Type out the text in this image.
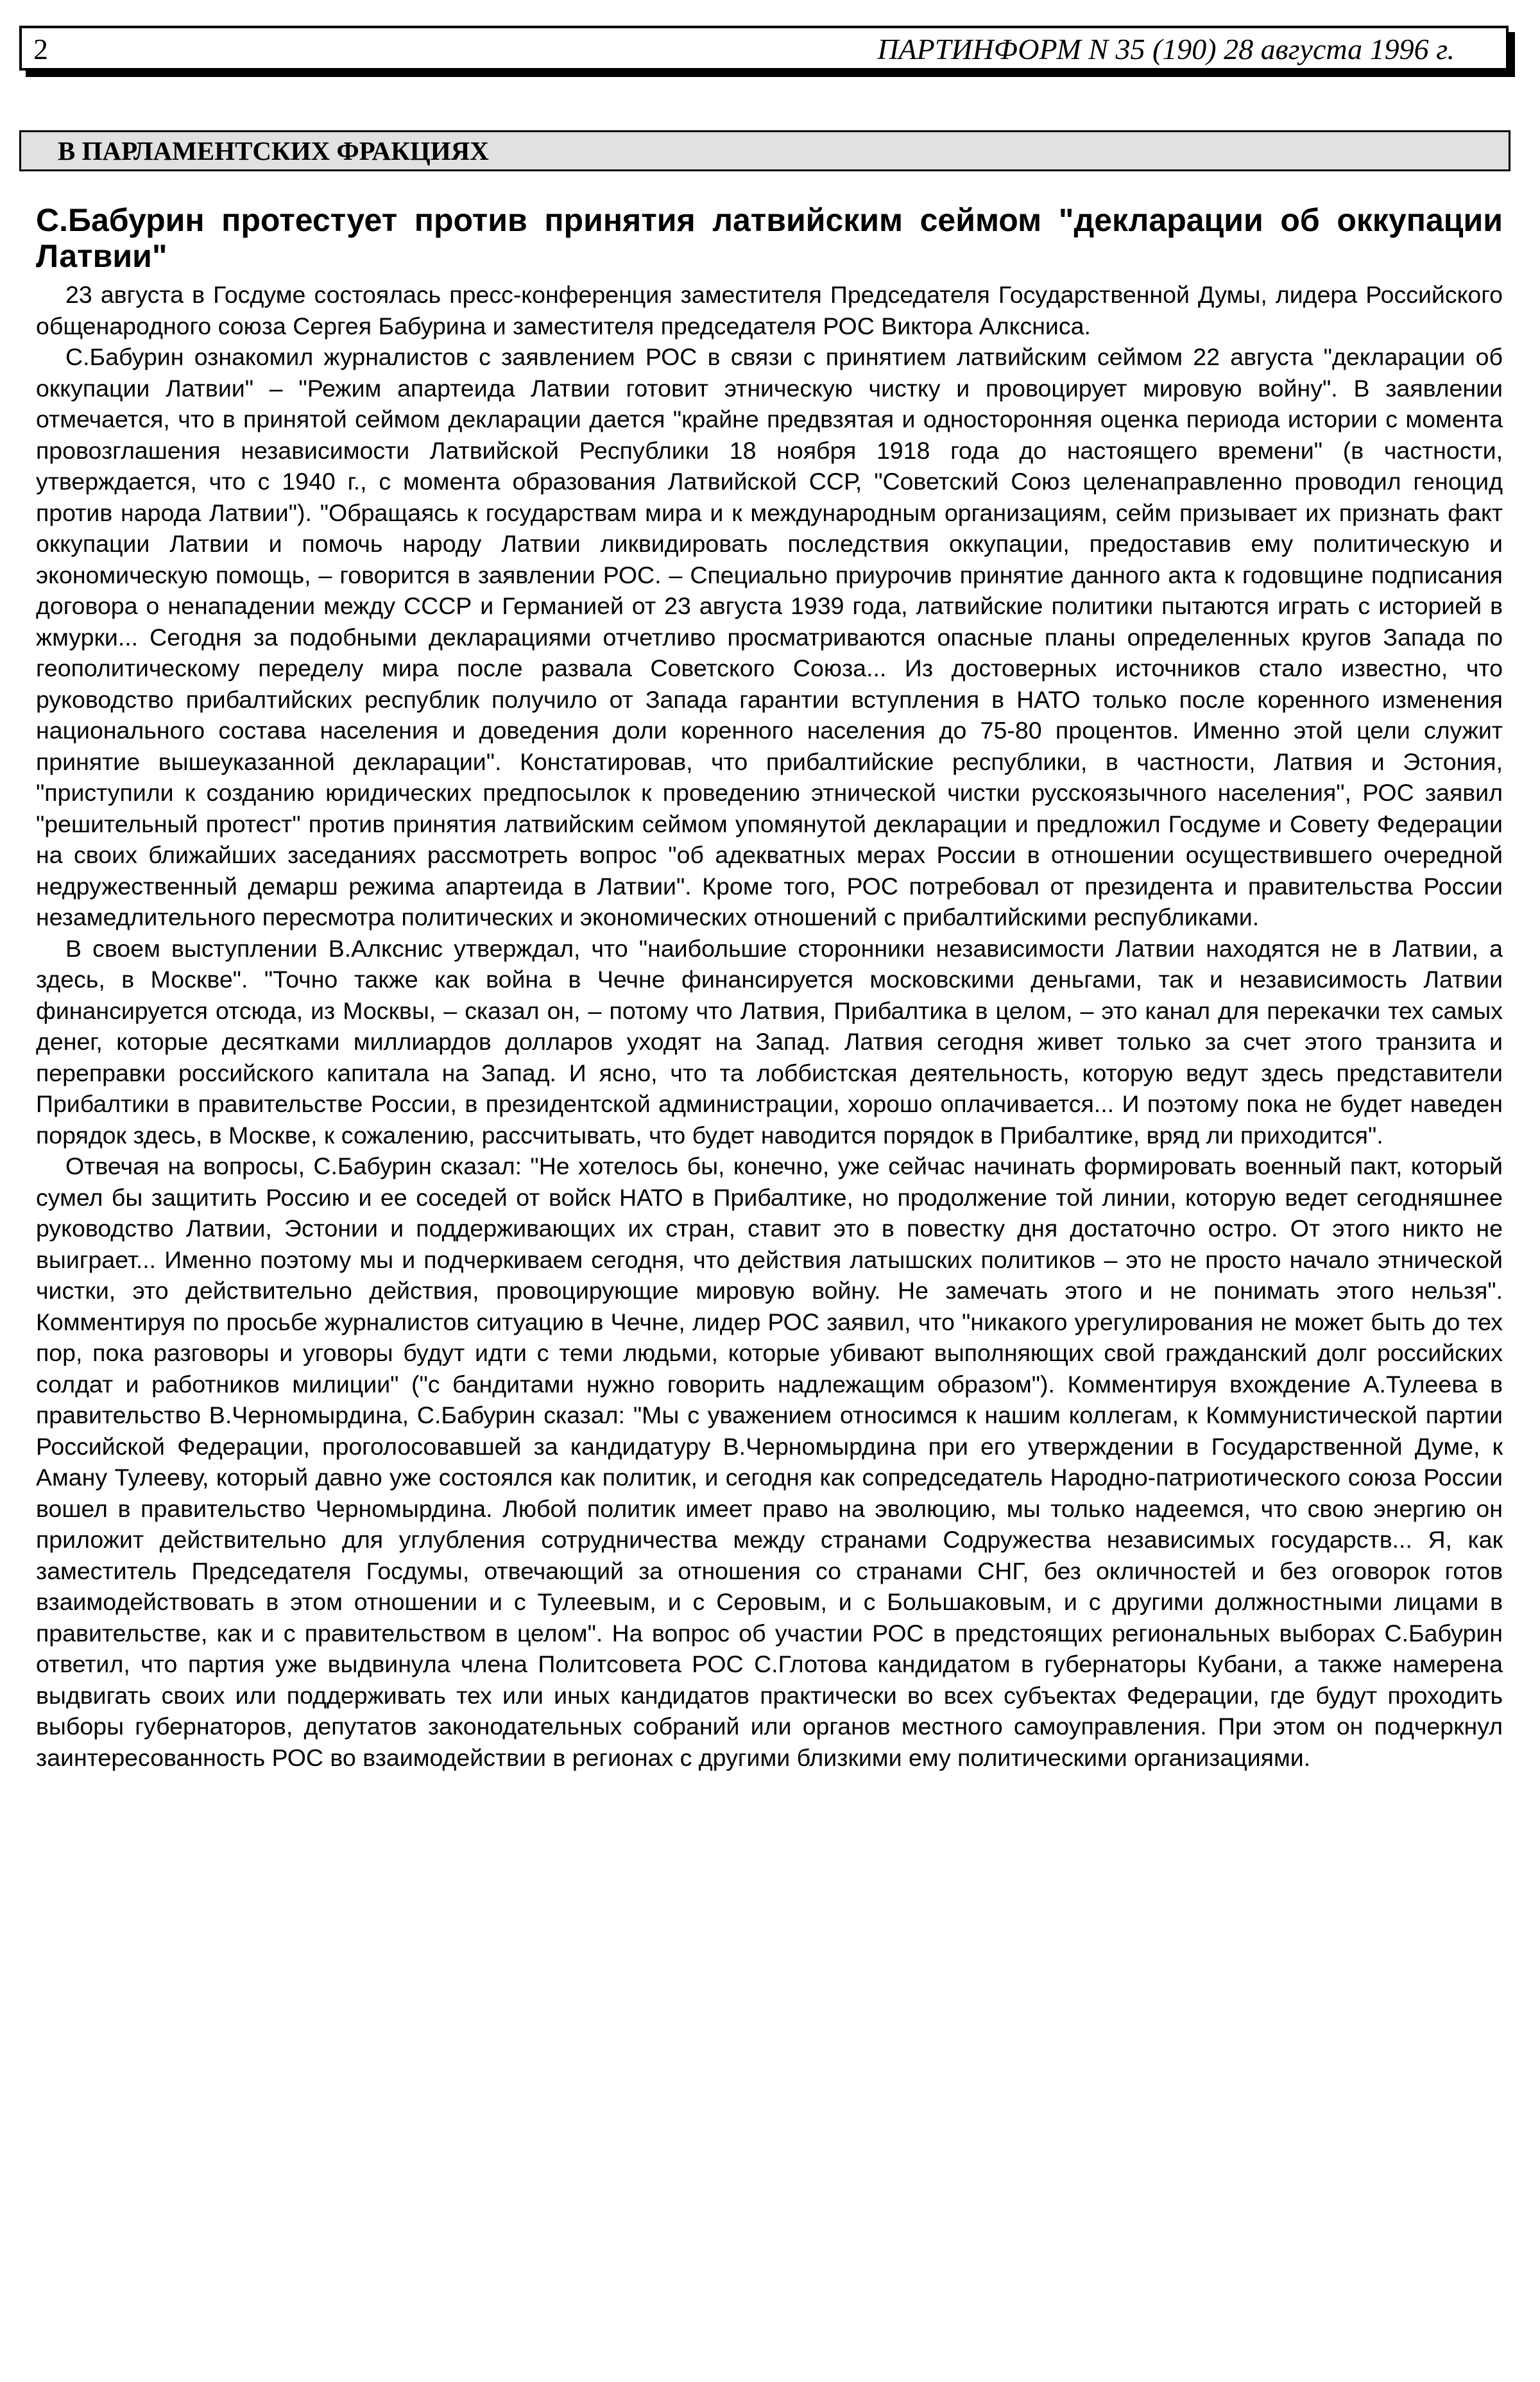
2	ПАРТИНФОРМ N 35 (190) 28 августа 1996 г.
В ПАРЛАМЕНТСКИХ ФРАКЦИЯХ
С.Бабурин протестует против принятия латвийским сеймом "декларации об оккупации Латвии"

23 августа в Госдуме состоялась пресс-конференция заместителя Председателя Государственной Думы, лидера Российского общенародного союза Сергея Бабурина и заместителя председателя РОС Виктора Алксниса.

С.Бабурин ознакомил журналистов с заявлением РОС в связи с принятием латвийским сеймом 22 августа "декларации об оккупации Латвии" – "Режим апартеида Латвии готовит этническую чистку и провоцирует мировую войну". В заявлении отмечается, что в принятой сеймом декларации дается "крайне предвзятая и односторонняя оценка периода истории с момента провозглашения независимости Латвийской Республики 18 ноября 1918 года до настоящего времени" (в частности, утверждается, что с 1940 г., с момента образования Латвийской ССР, "Советский Союз целенаправленно проводил геноцид против народа Латвии"). "Обращаясь к государствам мира и к международным организациям, сейм призывает их признать факт оккупации Латвии и помочь народу Латвии ликвидировать последствия оккупации, предоставив ему политическую и экономическую помощь, – говорится в заявлении РОС. – Специально приурочив принятие данного акта к годовщине подписания договора о ненападении между СССР и Германией от 23 августа 1939 года, латвийские политики пытаются играть с историей в жмурки... Сегодня за подобными декларациями отчетливо просматриваются опасные планы определенных кругов Запада по геополитическому переделу мира после развала Советского Союза... Из достоверных источников стало известно, что руководство прибалтийских республик получило от Запада гарантии вступления в НАТО только после коренного изменения национального состава населения и доведения доли коренного населения до 75-80 процентов. Именно этой цели служит принятие вышеуказанной декларации". Констатировав, что прибалтийские республики, в частности, Латвия и Эстония, "приступили к созданию юридических предпосылок к проведению этнической чистки русскоязычного населения", РОС заявил "решительный протест" против принятия латвийским сеймом упомянутой декларации и предложил Госдуме и Совету Федерации на своих ближайших заседаниях рассмотреть вопрос "об адекватных мерах России в отношении осуществившего очередной недружественный демарш режима апартеида в Латвии". Кроме того, РОС потребовал от президента и правительства России незамедлительного пересмотра политических и экономических отношений с прибалтийскими республиками.

В своем выступлении В.Алкснис утверждал, что "наибольшие сторонники независимости Латвии находятся не в Латвии, а здесь, в Москве". "Точно также как война в Чечне финансируется московскими деньгами, так и независимость Латвии финансируется отсюда, из Москвы, – сказал он, – потому что Латвия, Прибалтика в целом, – это канал для перекачки тех самых денег, которые десятками миллиардов долларов уходят на Запад. Латвия сегодня живет только за счет этого транзита и переправки российского капитала на Запад. И ясно, что та лоббистская деятельность, которую ведут здесь представители Прибалтики в правительстве России, в президентской администрации, хорошо оплачивается... И поэтому пока не будет наведен порядок здесь, в Москве, к сожалению, рассчитывать, что будет наводится порядок в Прибалтике, вряд ли приходится".

Отвечая на вопросы, С.Бабурин сказал: "Не хотелось бы, конечно, уже сейчас начинать формировать военный пакт, который сумел бы защитить Россию и ее соседей от войск НАТО в Прибалтике, но продолжение той линии, которую ведет сегодняшнее руководство Латвии, Эстонии и поддерживающих их стран, ставит это в повестку дня достаточно остро. От этого никто не выиграет... Именно поэтому мы и подчеркиваем сегодня, что действия латышских политиков – это не просто начало этнической чистки, это действительно действия, провоцирующие мировую войну. Не замечать этого и не понимать этого нельзя". Комментируя по просьбе журналистов ситуацию в Чечне, лидер РОС заявил, что "никакого урегулирования не может быть до тех пор, пока разговоры и уговоры будут идти с теми людьми, которые убивают выполняющих свой гражданский долг российских солдат и работников милиции" ("с бандитами нужно говорить надлежащим образом"). Комментируя вхождение А.Тулеева в правительство В.Черномырдина, С.Бабурин сказал: "Мы с уважением относимся к нашим коллегам, к Коммунистической партии Российской Федерации, проголосовавшей за кандидатуру В.Черномырдина при его утверждении в Государственной Думе, к Аману Тулееву, который давно уже состоялся как политик, и сегодня как сопредседатель Народно-патриотического союза России вошел в правительство Черномырдина. Любой политик имеет право на эволюцию, мы только надеемся, что свою энергию он приложит действительно для углубления сотрудничества между странами Содружества независимых государств... Я, как заместитель Председателя Госдумы, отвечающий за отношения со странами СНГ, без окличностей и без оговорок готов взаимодействовать в этом отношении и с Тулеевым, и с Серовым, и с Большаковым, и с другими должностными лицами в правительстве, как и с правительством в целом". На вопрос об участии РОС в предстоящих региональных выборах С.Бабурин ответил, что партия уже выдвинула члена Политсовета РОС С.Глотова кандидатом в губернаторы Кубани, а также намерена выдвигать своих или поддерживать тех или иных кандидатов практически во всех субъектах Федерации, где будут проходить выборы губернаторов, депутатов законодательных собраний или органов местного самоуправления. При этом он подчеркнул заинтересованность РОС во взаимодействии в регионах с другими близкими ему политическими организациями.
